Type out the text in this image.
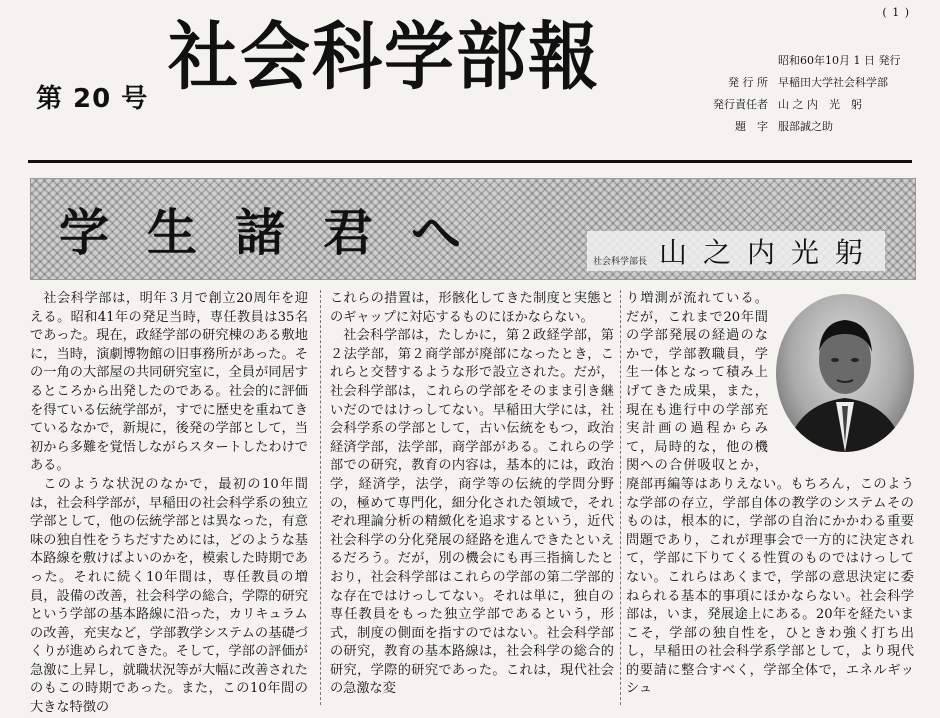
( 1 )
第 20 号 社会科学部報	昭和60年10月 1 日 発行
発 行 所 早稲田大学社会科学部
発行責任者 山 之 内　光　躬
題　字 服部誠之助
学生諸君へ	社会科学部長 山之内光躬

社会科学部は，明年３月で創立20周年を迎える。昭和41年の発足当時，専任教員は35名であった。現在，政経学部の研究棟のある敷地に，当時，演劇博物館の旧事務所があった。その一角の大部屋の共同研究室に，全員が同居するところから出発したのである。社会的に評価を得ている伝統学部が，すでに歴史を重ねてきているなかで，新規に，後発の学部として，当初から多難を覚悟しながらスタートしたわけである。

このような状況のなかで，最初の10年間は，社会科学部が，早稲田の社会科学系の独立学部として，他の伝統学部とは異なった，有意味の独自性をうちだすためには，どのような基本路線を敷けばよいのかを，模索した時期であった。それに続く10年間は，専任教員の増員，設備の改善，社会科学の総合，学際的研究という学部の基本路線に沿った，カリキュラムの改善，充実など，学部教学システムの基礎づくりが進められてきた。そして，学部の評価が急激に上昇し，就職状況等が大幅に改善されたのもこの時期であった。また，この10年間の大きな特徴の

これらの措置は，形骸化してきた制度と実態とのギャップに対応するものにほかならない。

社会科学部は，たしかに，第２政経学部，第２法学部，第２商学部が廃部になったとき，これらと交替するような形で設立された。だが，社会科学部は，これらの学部をそのまま引き継いだのではけっしてない。早稲田大学には，社会科学系の学部として，古い伝統をもつ，政治経済学部，法学部，商学部がある。これらの学部での研究，教育の内容は，基本的には，政治学，経済学，法学，商学等の伝統的学問分野の，極めて専門化，細分化された領域で，それぞれ理論分析の精緻化を追求するという，近代社会科学の分化発展の経路を進んできたといえるだろう。だが，別の機会にも再三指摘したとおり，社会科学部はこれらの学部の第二学部的な存在ではけっしてない。それは単に，独自の専任教員をもった独立学部であるという，形式，制度の側面を指すのではない。社会科学部の研究，教育の基本路線は，社会科学の総合的研究，学際的研究であった。これは，現代社会の急激な変

り増測が流れている。だが，これまで20年間の学部発展の経過のなかで，学部教職員，学生一体となって積み上げてきた成果，また，現在も進行中の学部充実計画の過程からみて，局時的な，他の機関への合併吸収とか，廃部再編等はありえない。もちろん，このような学部の存立，学部自体の教学のシステムそのものは，根本的に，学部の自治にかかわる重要問題であり，これが理事会で一方的に決定されて，学部に下りてくる性質のものではけっしてない。これらはあくまで，学部の意思決定に委ねられる基本的事項にほかならない。社会科学部は，いま，発展途上にある。20年を経たいまこそ，学部の独自性を，ひときわ強く打ち出し，早稲田の社会科学系学部として，より現代的要請に整合すべく，学部全体で，エネルギッシュ
